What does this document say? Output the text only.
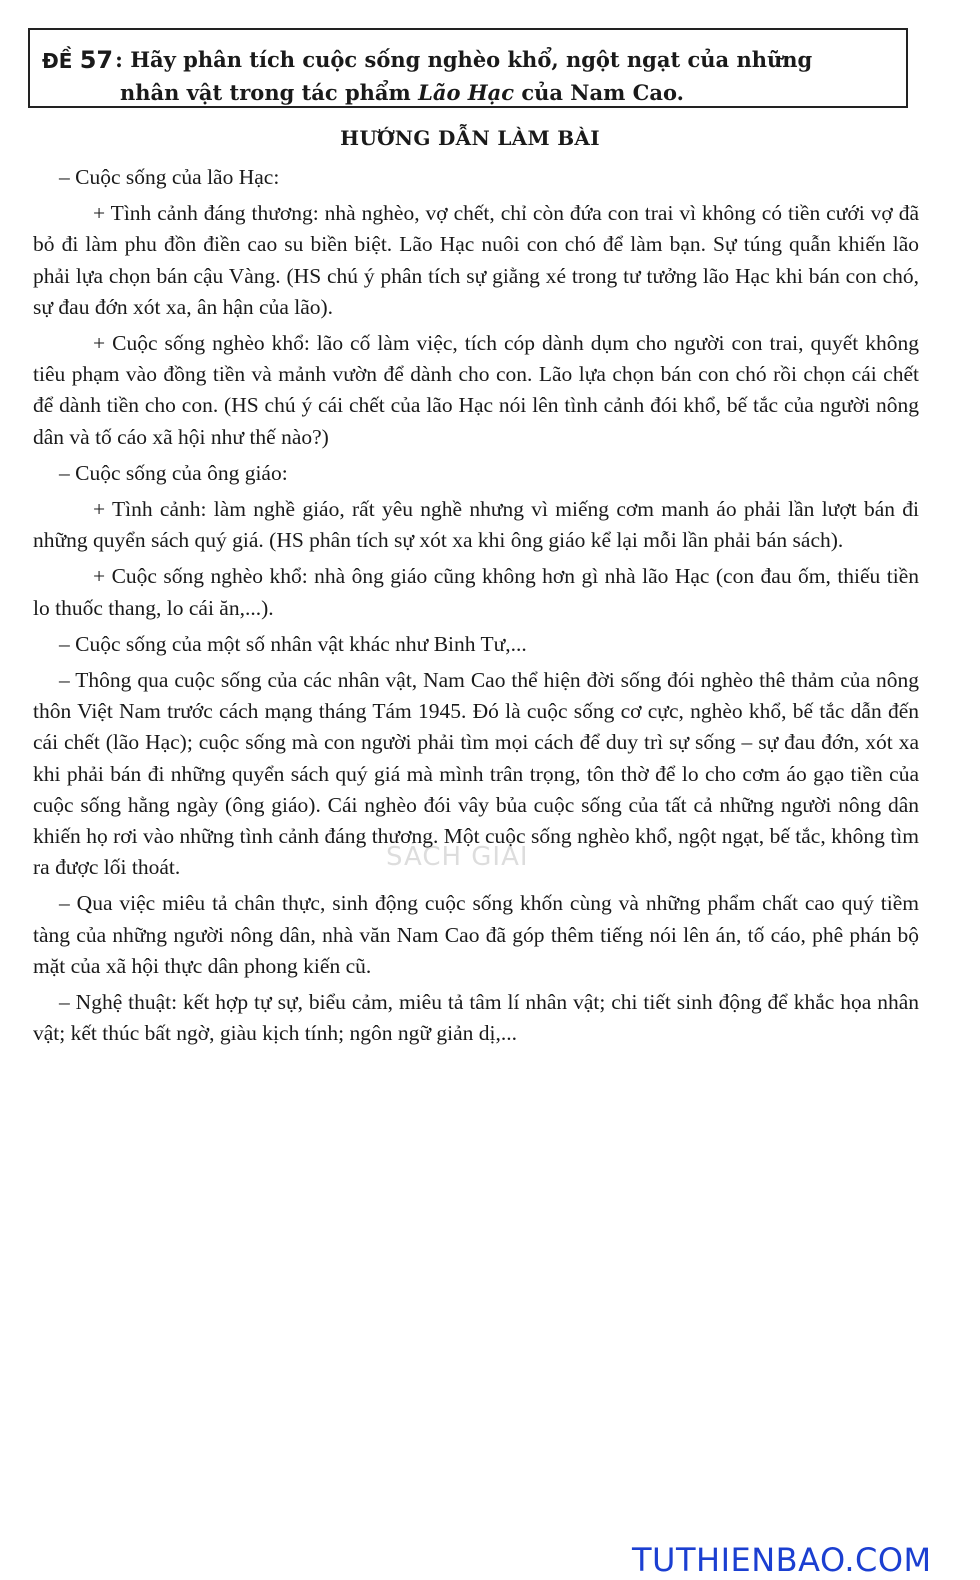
ĐỀ 57 : Hãy phân tích cuộc sống nghèo khổ, ngột ngạt của những
nhân vật trong tác phẩm Lão Hạc của Nam Cao.
HƯỚNG DẪN LÀM BÀI

– Cuộc sống của lão Hạc:

+ Tình cảnh đáng thương: nhà nghèo, vợ chết, chỉ còn đứa con trai vì không có tiền cưới vợ đã bỏ đi làm phu đồn điền cao su biền biệt. Lão Hạc nuôi con chó để làm bạn. Sự túng quẫn khiến lão phải lựa chọn bán cậu Vàng. (HS chú ý phân tích sự giằng xé trong tư tưởng lão Hạc khi bán con chó, sự đau đớn xót xa, ân hận của lão).

+ Cuộc sống nghèo khổ: lão cố làm việc, tích cóp dành dụm cho người con trai, quyết không tiêu phạm vào đồng tiền và mảnh vườn để dành cho con. Lão lựa chọn bán con chó rồi chọn cái chết để dành tiền cho con. (HS chú ý cái chết của lão Hạc nói lên tình cảnh đói khổ, bế tắc của người nông dân và tố cáo xã hội như thế nào?)

– Cuộc sống của ông giáo:

+ Tình cảnh: làm nghề giáo, rất yêu nghề nhưng vì miếng cơm manh áo phải lần lượt bán đi những quyển sách quý giá. (HS phân tích sự xót xa khi ông giáo kể lại mỗi lần phải bán sách).

+ Cuộc sống nghèo khổ: nhà ông giáo cũng không hơn gì nhà lão Hạc (con đau ốm, thiếu tiền lo thuốc thang, lo cái ăn,...).

– Cuộc sống của một số nhân vật khác như Binh Tư,...

– Thông qua cuộc sống của các nhân vật, Nam Cao thể hiện đời sống đói nghèo thê thảm của nông thôn Việt Nam trước cách mạng tháng Tám 1945. Đó là cuộc sống cơ cực, nghèo khổ, bế tắc dẫn đến cái chết (lão Hạc); cuộc sống mà con người phải tìm mọi cách để duy trì sự sống – sự đau đớn, xót xa khi phải bán đi những quyển sách quý giá mà mình trân trọng, tôn thờ để lo cho cơm áo gạo tiền của cuộc sống hằng ngày (ông giáo). Cái nghèo đói vây bủa cuộc sống của tất cả những người nông dân khiến họ rơi vào những tình cảnh đáng thương. Một cuộc sống nghèo khổ, ngột ngạt, bế tắc, không tìm ra được lối thoát.

– Qua việc miêu tả chân thực, sinh động cuộc sống khốn cùng và những phẩm chất cao quý tiềm tàng của những người nông dân, nhà văn Nam Cao đã góp thêm tiếng nói lên án, tố cáo, phê phán bộ mặt của xã hội thực dân phong kiến cũ.

– Nghệ thuật: kết hợp tự sự, biểu cảm, miêu tả tâm lí nhân vật; chi tiết sinh động để khắc họa nhân vật; kết thúc bất ngờ, giàu kịch tính; ngôn ngữ giản dị,...

SÁCH GIẢI
TUTHIENBAO.COM
